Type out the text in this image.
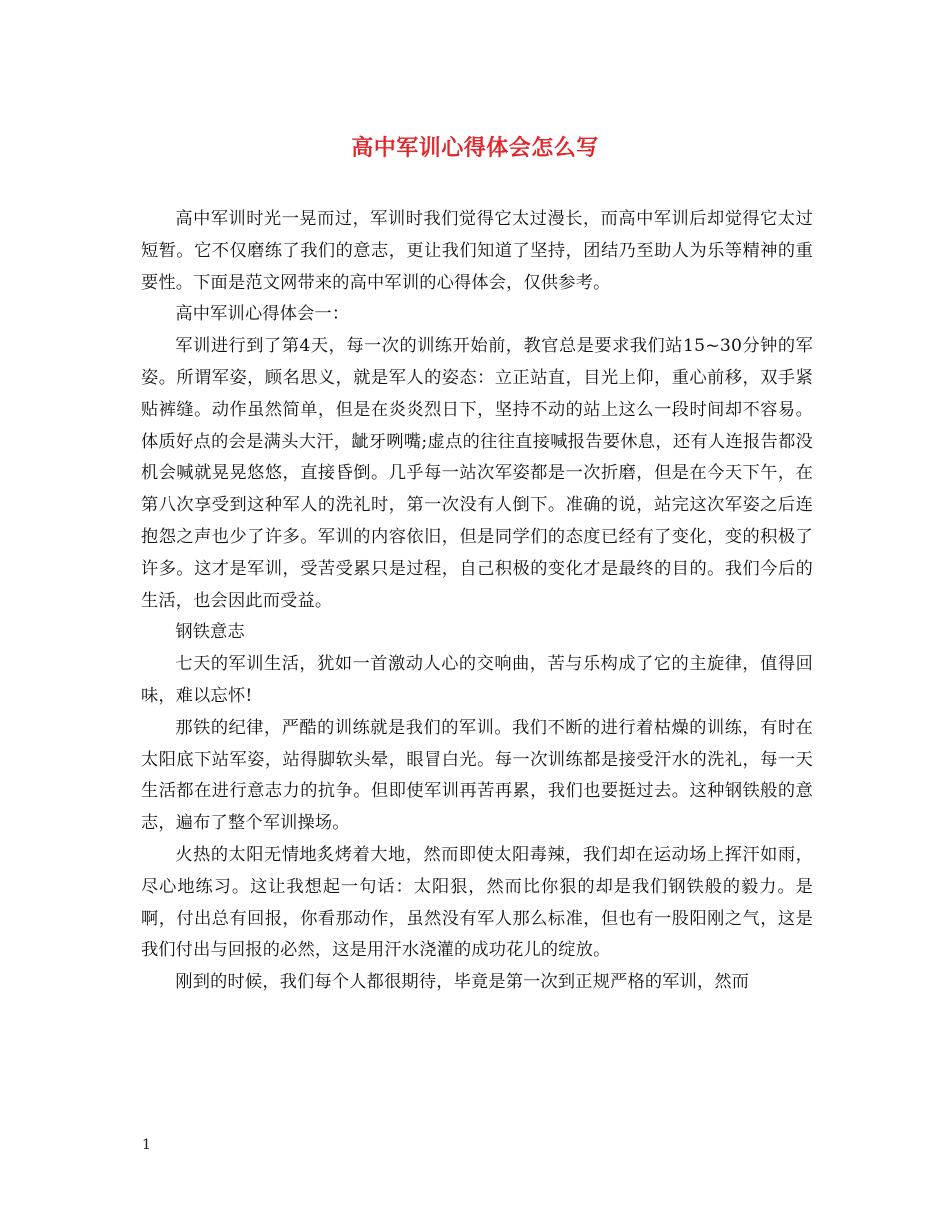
高中军训心得体会怎么写

高中军训时光一晃而过，军训时我们觉得它太过漫长，而高中军训后却觉得它太过短暂。它不仅磨练了我们的意志，更让我们知道了坚持，团结乃至助人为乐等精神的重要性。下面是范文网带来的高中军训的心得体会，仅供参考。

高中军训心得体会一：

军训进行到了第4天，每一次的训练开始前，教官总是要求我们站15~30分钟的军姿。所谓军姿，顾名思义，就是军人的姿态：立正站直，目光上仰，重心前移，双手紧贴裤缝。动作虽然简单，但是在炎炎烈日下，坚持不动的站上这么一段时间却不容易。体质好点的会是满头大汗，龇牙咧嘴;虚点的往往直接喊报告要休息，还有人连报告都没机会喊就晃晃悠悠，直接昏倒。几乎每一站次军姿都是一次折磨，但是在今天下午，在第八次享受到这种军人的洗礼时，第一次没有人倒下。准确的说，站完这次军姿之后连抱怨之声也少了许多。军训的内容依旧，但是同学们的态度已经有了变化，变的积极了许多。这才是军训，受苦受累只是过程，自己积极的变化才是最终的目的。我们今后的生活，也会因此而受益。

钢铁意志

七天的军训生活，犹如一首激动人心的交响曲，苦与乐构成了它的主旋律，值得回味，难以忘怀!

那铁的纪律，严酷的训练就是我们的军训。我们不断的进行着枯燥的训练，有时在太阳底下站军姿，站得脚软头晕，眼冒白光。每一次训练都是接受汗水的洗礼，每一天生活都在进行意志力的抗争。但即使军训再苦再累，我们也要挺过去。这种钢铁般的意志，遍布了整个军训操场。

火热的太阳无情地炙烤着大地，然而即使太阳毒辣，我们却在运动场上挥汗如雨，尽心地练习。这让我想起一句话：太阳狠，然而比你狠的却是我们钢铁般的毅力。是啊，付出总有回报，你看那动作，虽然没有军人那么标准，但也有一股阳刚之气，这是我们付出与回报的必然，这是用汗水浇灌的成功花儿的绽放。

刚到的时候，我们每个人都很期待，毕竟是第一次到正规严格的军训，然而

1
